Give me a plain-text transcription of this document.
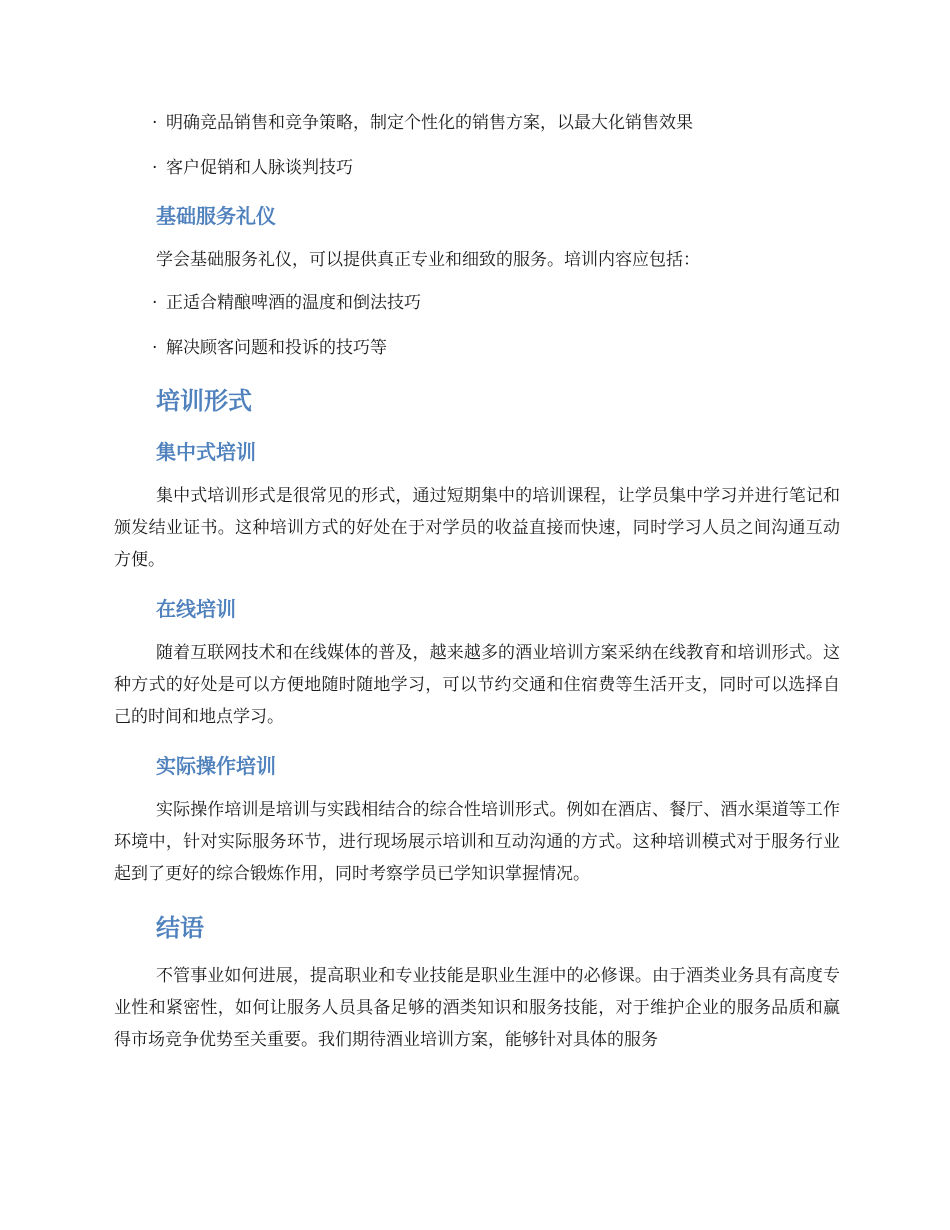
· 明确竞品销售和竞争策略，制定个性化的销售方案，以最大化销售效果
· 客户促销和人脉谈判技巧
基础服务礼仪
学会基础服务礼仪，可以提供真正专业和细致的服务。培训内容应包括：
· 正适合精酿啤酒的温度和倒法技巧
· 解决顾客问题和投诉的技巧等
培训形式
集中式培训
集中式培训形式是很常见的形式，通过短期集中的培训课程，让学员集中学习并进行笔记和颁发结业证书。这种培训方式的好处在于对学员的收益直接而快速，同时学习人员之间沟通互动方便。
在线培训
随着互联网技术和在线媒体的普及，越来越多的酒业培训方案采纳在线教育和培训形式。这种方式的好处是可以方便地随时随地学习，可以节约交通和住宿费等生活开支，同时可以选择自己的时间和地点学习。
实际操作培训
实际操作培训是培训与实践相结合的综合性培训形式。例如在酒店、餐厅、酒水渠道等工作环境中，针对实际服务环节，进行现场展示培训和互动沟通的方式。这种培训模式对于服务行业起到了更好的综合锻炼作用，同时考察学员已学知识掌握情况。
结语
不管事业如何进展，提高职业和专业技能是职业生涯中的必修课。由于酒类业务具有高度专业性和紧密性，如何让服务人员具备足够的酒类知识和服务技能，对于维护企业的服务品质和赢得市场竞争优势至关重要。我们期待酒业培训方案，能够针对具体的服务
